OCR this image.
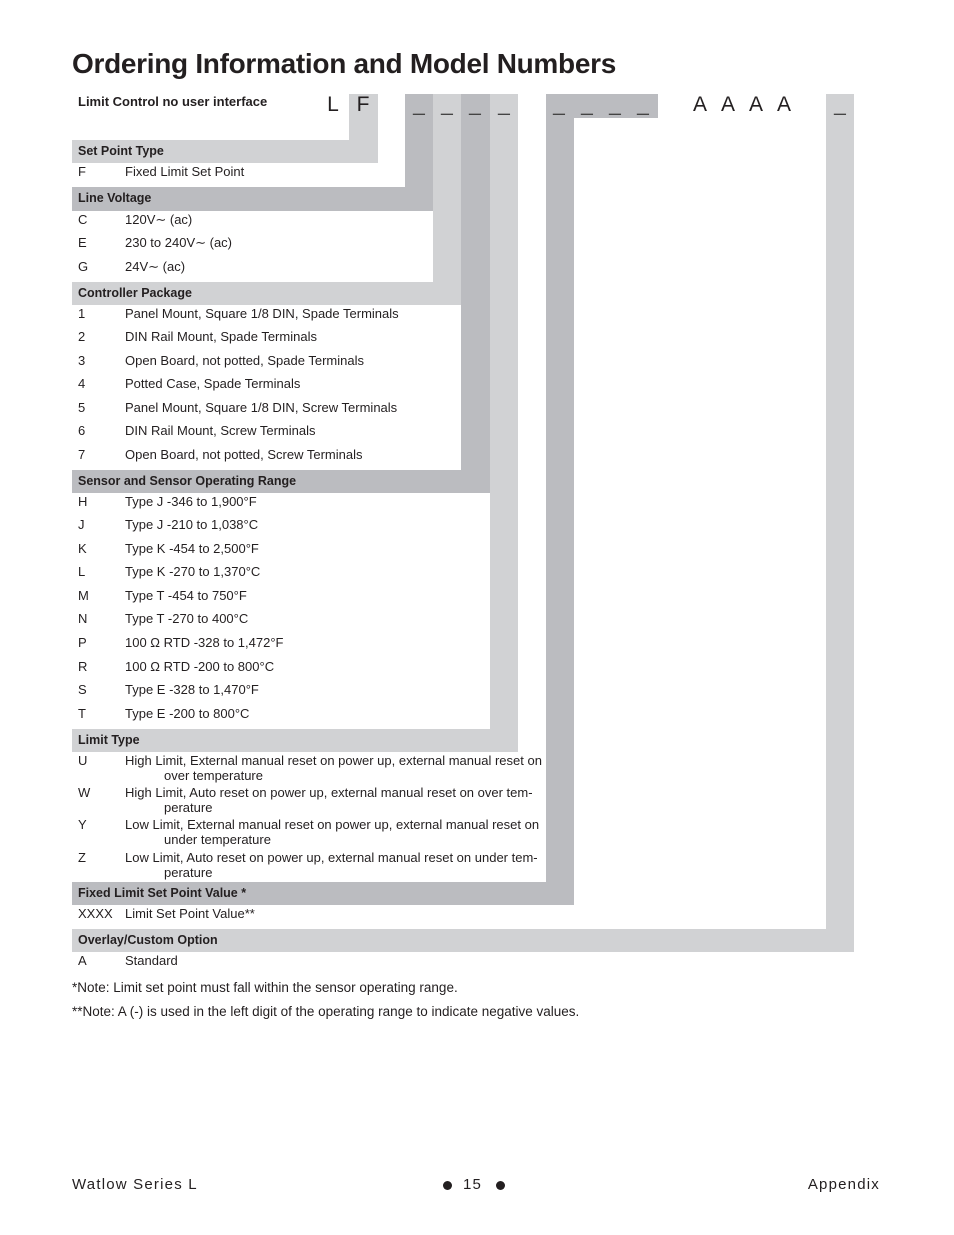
Ordering Information and Model Numbers
Limit Control no user interface	L F _ _ _ _ _ _ _ _ A A A A _
Set Point Type
F	Fixed Limit Set Point
Line Voltage
C	120V∼ (ac)
E	230 to 240V∼ (ac)
G	24V∼ (ac)
Controller Package
1	Panel Mount, Square 1/8 DIN, Spade Terminals
2	DIN Rail Mount, Spade Terminals
3	Open Board, not potted, Spade Terminals
4	Potted Case, Spade Terminals
5	Panel Mount, Square 1/8 DIN, Screw Terminals
6	DIN Rail Mount, Screw Terminals
7	Open Board, not potted, Screw Terminals
Sensor and Sensor Operating Range
H	Type J -346 to 1,900°F
J	Type J -210 to 1,038°C
K	Type K -454 to 2,500°F
L	Type K -270 to 1,370°C
M	Type T -454 to 750°F
N	Type T -270 to 400°C
P	100 Ω RTD -328 to 1,472°F
R	100 Ω RTD -200 to 800°C
S	Type E -328 to 1,470°F
T	Type E -200 to 800°C
Limit Type
U	High Limit, External manual reset on power up, external manual reset on
over temperature
W	High Limit, Auto reset on power up, external manual reset on over tem-
perature
Y	Low Limit, External manual reset on power up, external manual reset on
under temperature
Z	Low Limit, Auto reset on power up, external manual reset on under tem-
perature
Fixed Limit Set Point Value *
XXXX Limit Set Point Value**
Overlay/Custom Option
A	Standard
*Note: Limit set point must fall within the sensor operating range.
**Note: A (-) is used in the left digit of the operating range to indicate negative values.
Watlow Series L	15	Appendix
